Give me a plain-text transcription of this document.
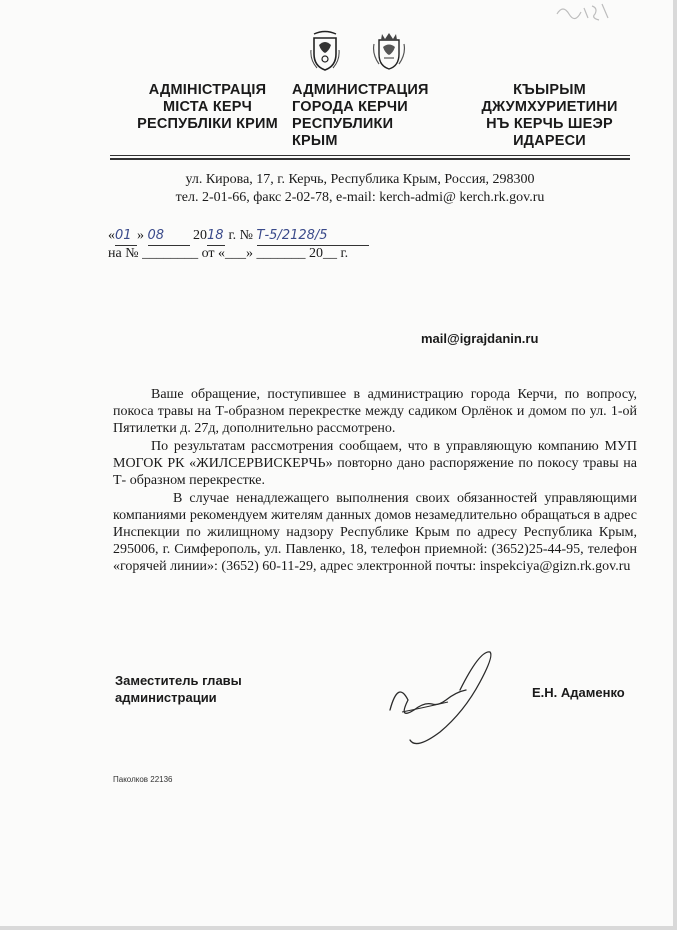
АДМІНІСТРАЦІЯ
МІСТА КЕРЧ
РЕСПУБЛІКИ КРИМ
АДМИНИСТРАЦИЯ
ГОРОДА КЕРЧИ
РЕСПУБЛИКИ
КРЫМ
КЪЫРЫМ
ДЖУМХУРИЕТИНИ
НЪ КЕРЧЬ ШЕЭР
ИДАРЕСИ
ул. Кирова, 17, г. Керчь, Республика Крым, Россия, 298300
тел. 2-01-66, факс 2-02-78, e-mail: kerch-admi@ kerch.rk.gov.ru
«01 » 08 2018 г. № Т-5/2128/5
на № ________ от «___» _______ 20__ г.
mail@igrajdanin.ru
Ваше обращение, поступившее в администрацию города Керчи, по вопросу, покоса травы на Т-образном перекрестке между садиком Орлёнок и домом по ул. 1-ой Пятилетки д. 27д, дополнительно рассмотрено.
По результатам рассмотрения сообщаем, что в управляющую компанию МУП МОГОК РК «ЖИЛСЕРВИСКЕРЧЬ» повторно дано распоряжение по покосу травы на Т- образном перекрестке.
В случае ненадлежащего выполнения своих обязанностей управляющими компаниями рекомендуем жителям данных домов незамедлительно обращаться в адрес Инспекции по жилищному надзору Республике Крым по адресу Республика Крым, 295006, г. Симферополь, ул. Павленко, 18, телефон приемной: (3652)25-44-95, телефон «горячей линии»: (3652) 60-11-29, адрес электронной почты: inspekciya@gizn.rk.gov.ru
Заместитель главы
администрации	Е.Н. Адаменко
Паколков 22136
